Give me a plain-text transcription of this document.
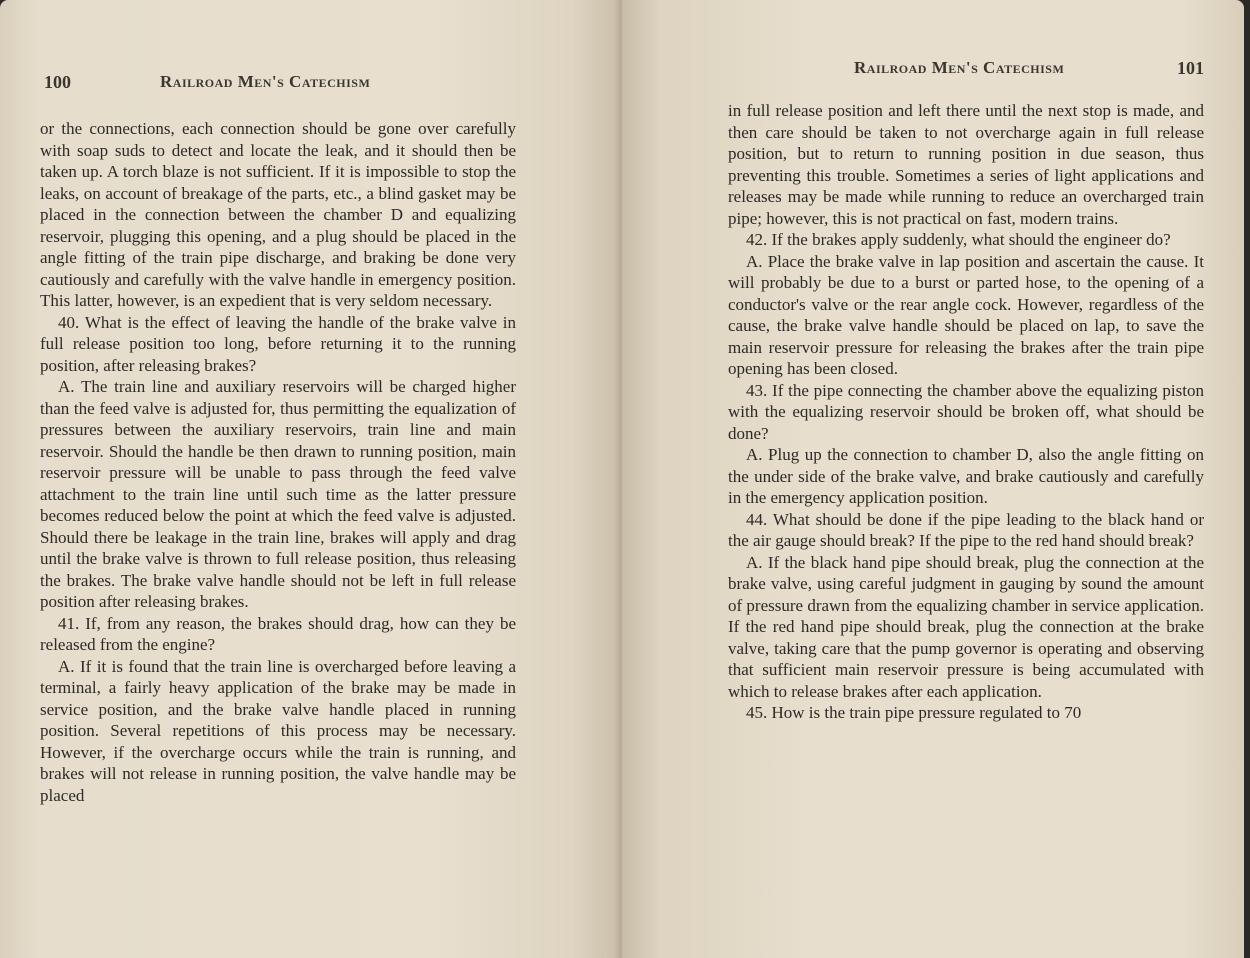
100	Railroad Men's Catechism

or the connections, each connection should be gone over carefully with soap suds to detect and locate the leak, and it should then be taken up. A torch blaze is not sufficient. If it is impossible to stop the leaks, on account of breakage of the parts, etc., a blind gasket may be placed in the connection between the chamber D and equalizing reservoir, plugging this opening, and a plug should be placed in the angle fitting of the train pipe discharge, and braking be done very cautiously and carefully with the valve handle in emergency position. This latter, however, is an expedient that is very seldom necessary.

40. What is the effect of leaving the handle of the brake valve in full release position too long, before returning it to the running position, after releasing brakes?

A. The train line and auxiliary reservoirs will be charged higher than the feed valve is adjusted for, thus permitting the equalization of pressures between the auxiliary reservoirs, train line and main reservoir. Should the handle be then drawn to running position, main reservoir pressure will be unable to pass through the feed valve attachment to the train line until such time as the latter pressure becomes reduced below the point at which the feed valve is adjusted. Should there be leakage in the train line, brakes will apply and drag until the brake valve is thrown to full release position, thus releasing the brakes. The brake valve handle should not be left in full release position after releasing brakes.

41. If, from any reason, the brakes should drag, how can they be released from the engine?

A. If it is found that the train line is overcharged before leaving a terminal, a fairly heavy application of the brake may be made in service position, and the brake valve handle placed in running position. Several repetitions of this process may be necessary. However, if the overcharge occurs while the train is running, and brakes will not release in running position, the valve handle may be placed

Railroad Men's Catechism	101

in full release position and left there until the next stop is made, and then care should be taken to not overcharge again in full release position, but to return to running position in due season, thus preventing this trouble. Sometimes a series of light applications and releases may be made while running to reduce an overcharged train pipe; however, this is not practical on fast, modern trains.

42. If the brakes apply suddenly, what should the engineer do?

A. Place the brake valve in lap position and ascertain the cause. It will probably be due to a burst or parted hose, to the opening of a conductor's valve or the rear angle cock. However, regardless of the cause, the brake valve handle should be placed on lap, to save the main reservoir pressure for releasing the brakes after the train pipe opening has been closed.

43. If the pipe connecting the chamber above the equalizing piston with the equalizing reservoir should be broken off, what should be done?

A. Plug up the connection to chamber D, also the angle fitting on the under side of the brake valve, and brake cautiously and carefully in the emergency application position.

44. What should be done if the pipe leading to the black hand or the air gauge should break? If the pipe to the red hand should break?

A. If the black hand pipe should break, plug the connection at the brake valve, using careful judgment in gauging by sound the amount of pressure drawn from the equalizing chamber in service application. If the red hand pipe should break, plug the connection at the brake valve, taking care that the pump governor is operating and observing that sufficient main reservoir pressure is being accumulated with which to release brakes after each application.

45. How is the train pipe pressure regulated to 70
